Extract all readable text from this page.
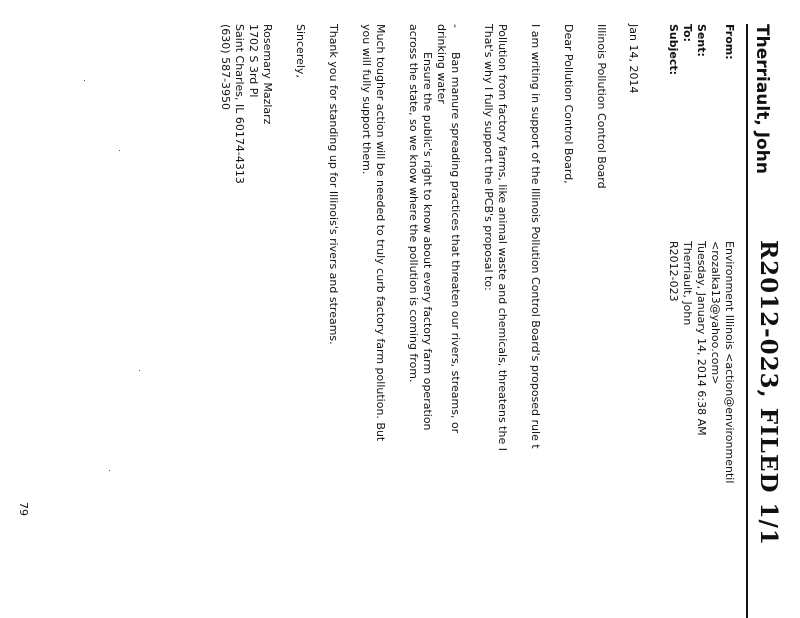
R2012-023, FILED 1/1
Therriault, John
From:
Environment Illinois <action@environmentil
<rozalka13@yahoo.com>
Sent:
Tuesday, January 14, 2014 6:38 AM
To:
Therriault, John
Subject:
R2012-023
Jan 14, 2014
Illinois Pollution Control Board
Dear Pollution Control Board,
I am writing in support of the Illinois Pollution Control Board's proposed rule t
Pollution from factory farms, like animal waste and chemicals, threatens the I
That's why I fully support the IPCB's proposal to:
-
Ban manure spreading practices that threaten our rivers, streams, or
drinking water
Ensure the public's right to know about every factory farm operation
across the state, so we know where the pollution is coming from.
Much tougher action will be needed to truly curb factory farm pollution. But
you will fully support them.
Thank you for standing up for Illinois's rivers and streams.
Sincerely,
Rosemary Mazlarz
1702 S 3rd Pl
Saint Charles, IL 60174-4313
(630) 587-3950
79
